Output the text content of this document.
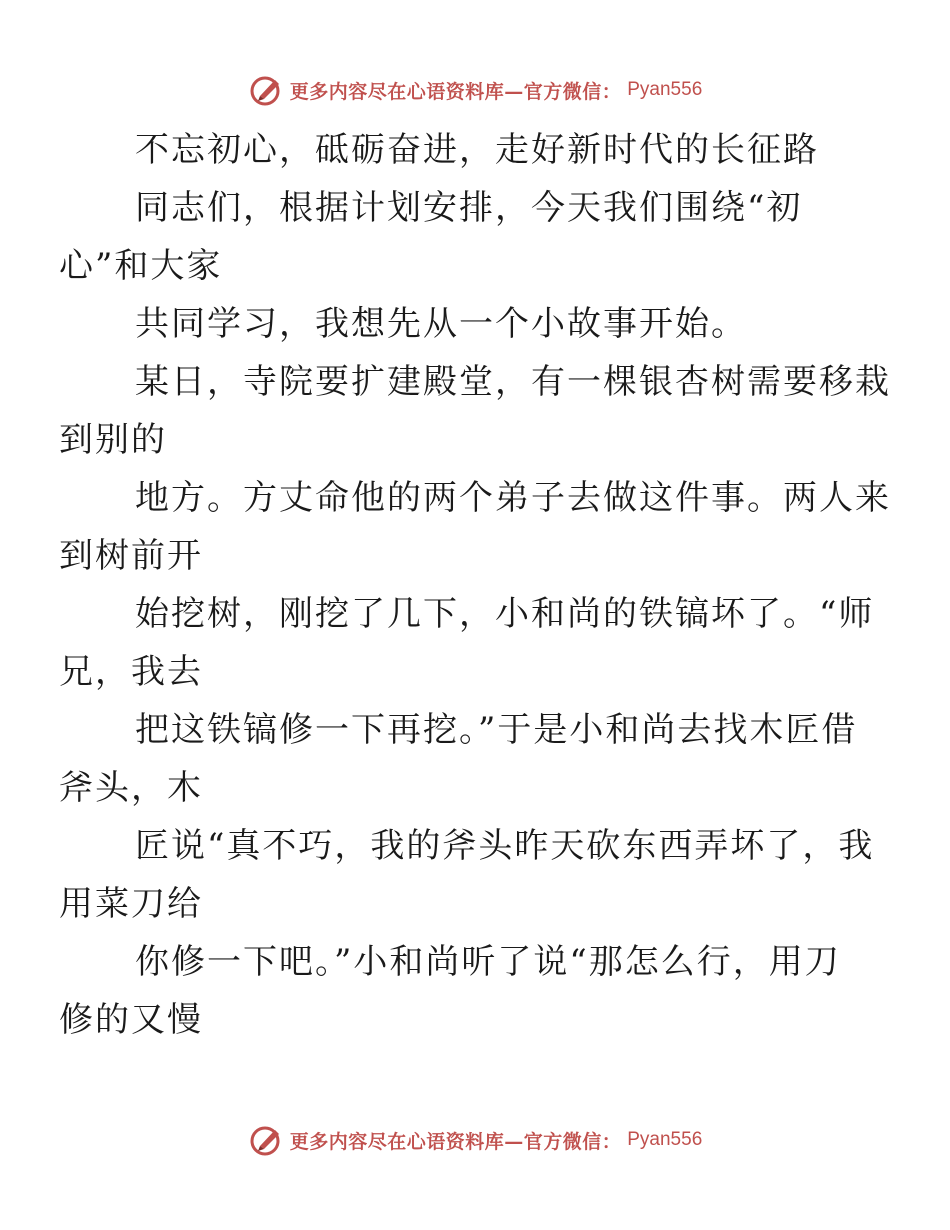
更多内容尽在心语资料库—官方微信： Pyan556

不忘初心，砥砺奋进，走好新时代的长征路
同志们，根据计划安排，今天我们围绕“初
心”和大家
共同学习，我想先从一个小故事开始。
某日，寺院要扩建殿堂，有一棵银杏树需要移栽
到别的
地方。方丈命他的两个弟子去做这件事。两人来
到树前开
始挖树，刚挖了几下，小和尚的铁镐坏了。“师
兄，我去
把这铁镐修一下再挖。”于是小和尚去找木匠借
斧头，木
匠说“真不巧，我的斧头昨天砍东西弄坏了，我
用菜刀给
你修一下吧。”小和尚听了说“那怎么行，用刀
修的又慢

更多内容尽在心语资料库—官方微信： Pyan556
